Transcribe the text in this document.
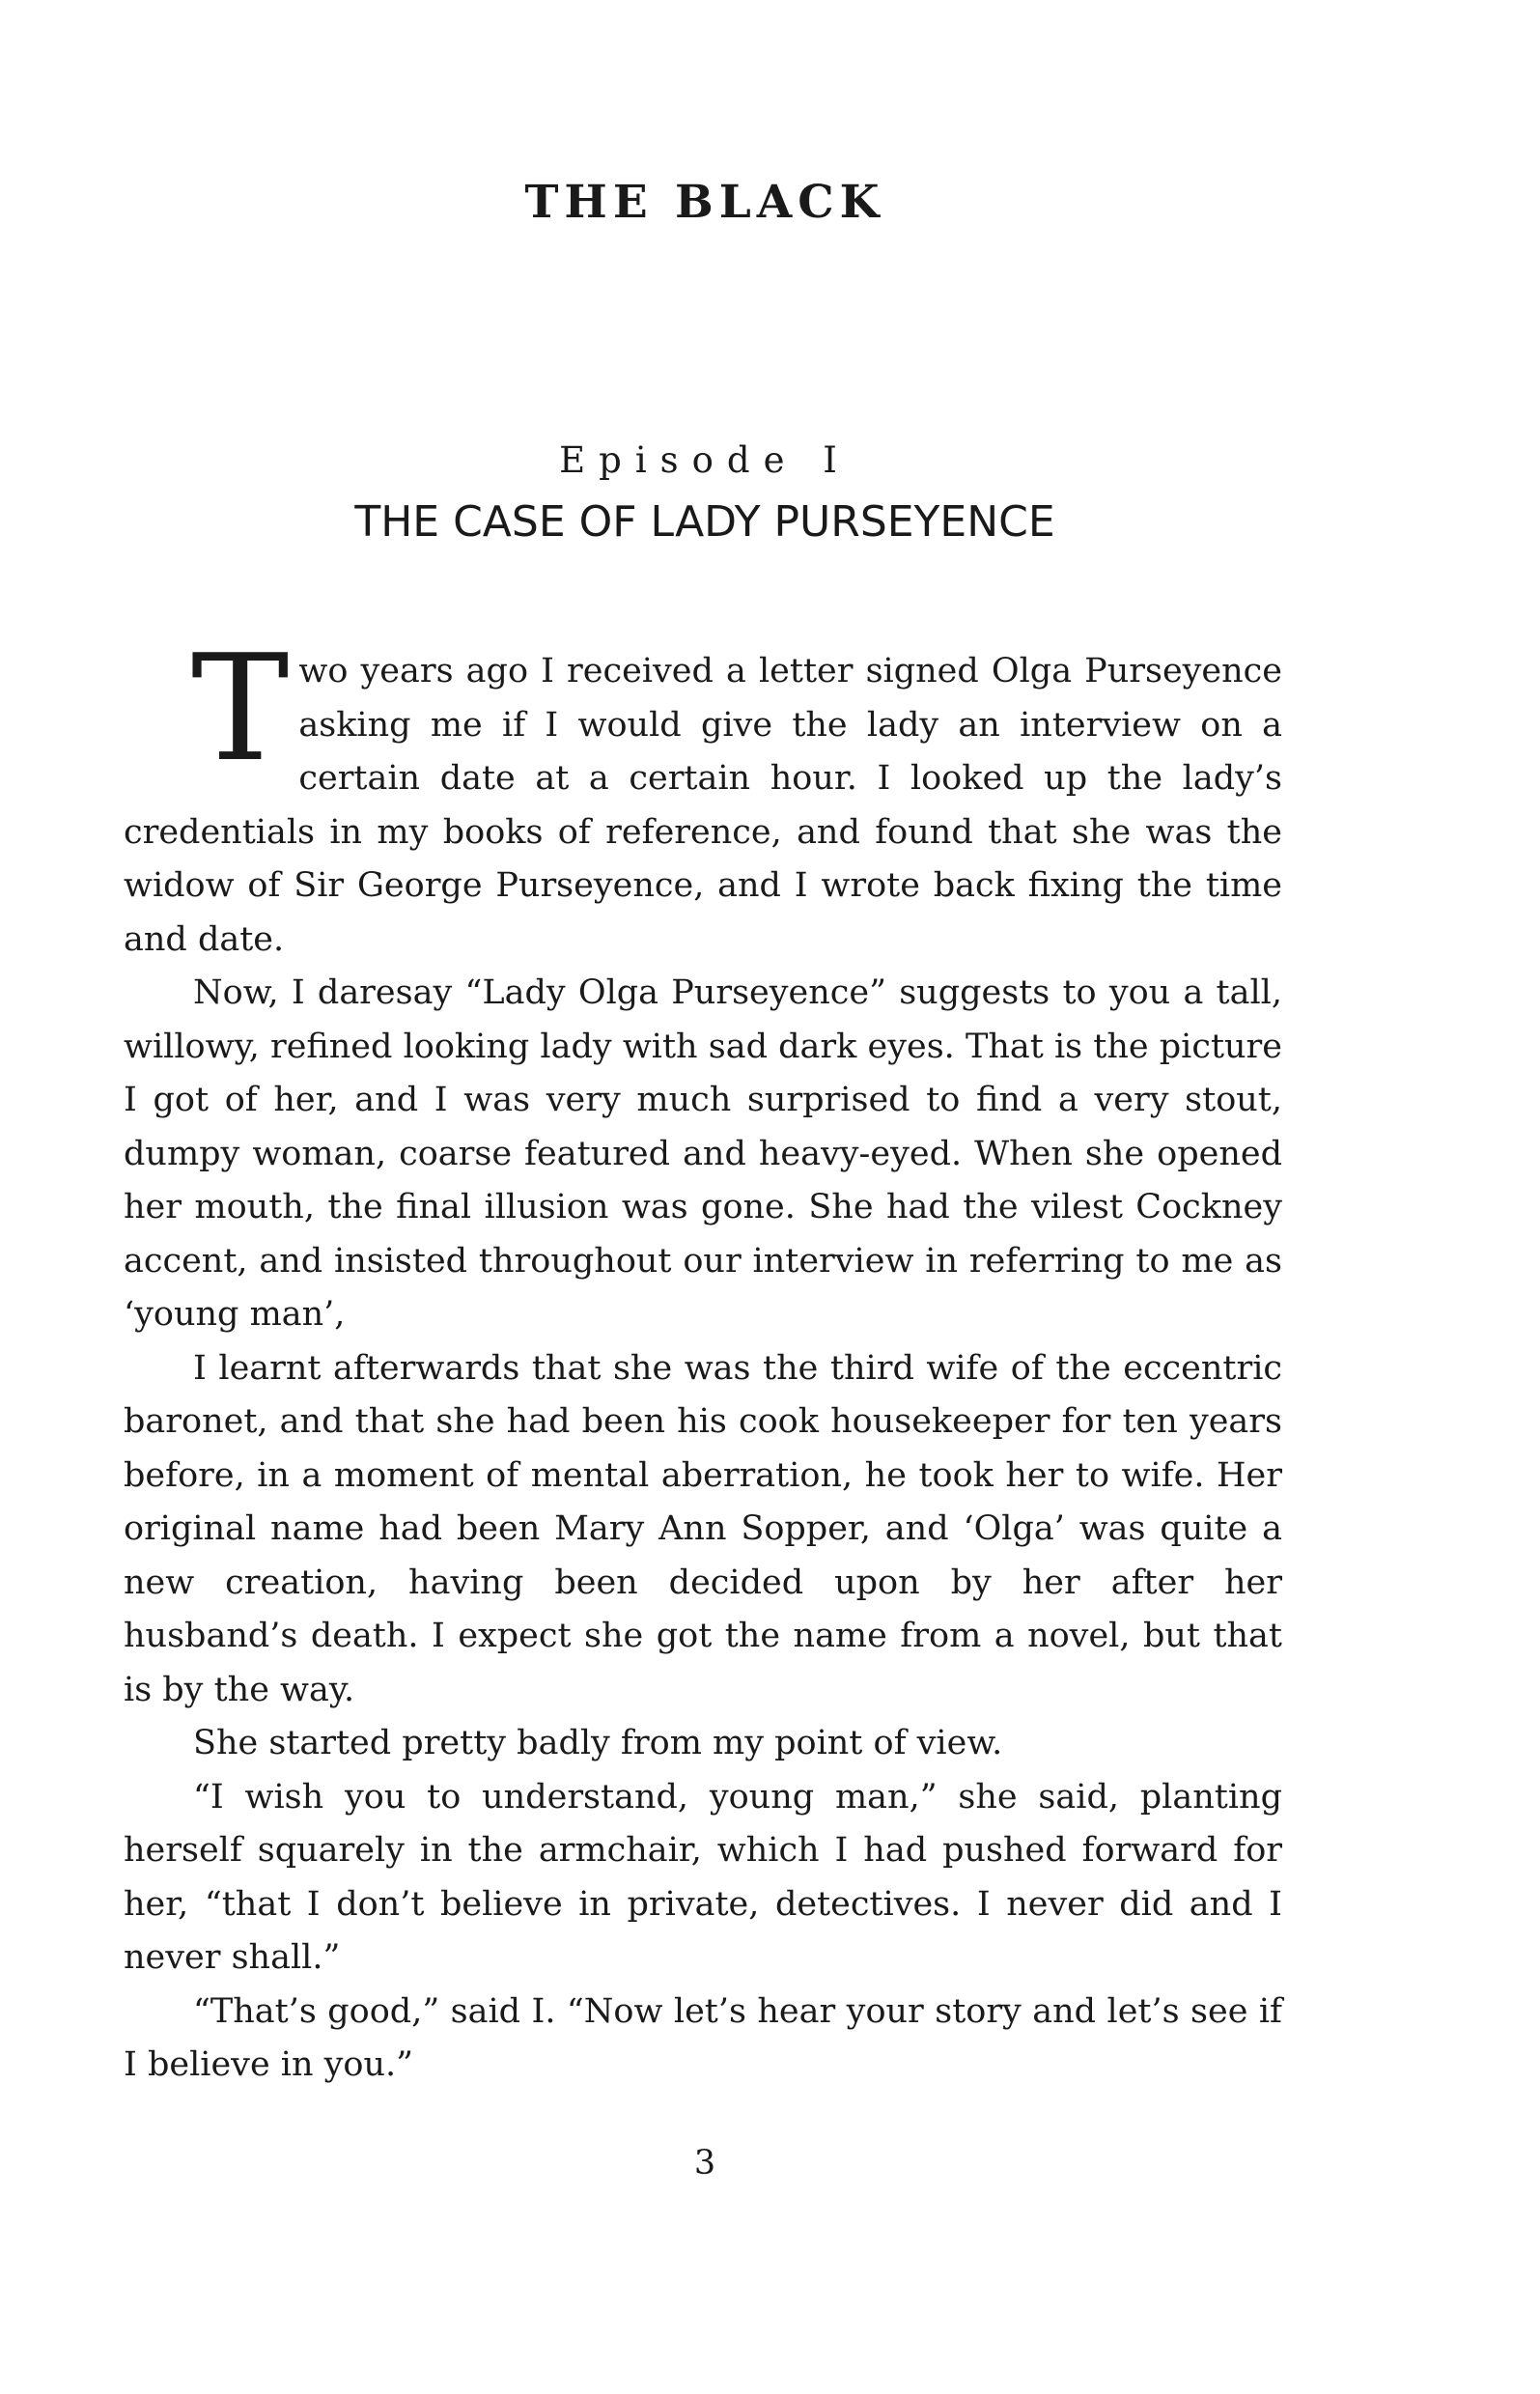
THE BLACK
Episode I
THE CASE OF LADY PURSEYENCE

Two years ago I received a letter signed Olga Purseyence asking me if I would give the lady an interview on a certain date at a certain hour. I looked up the lady’s credentials in my books of reference, and found that she was the widow of Sir George Purseyence, and I wrote back fixing the time and date.

Now, I daresay “Lady Olga Purseyence” suggests to you a tall, willowy, refined looking lady with sad dark eyes. That is the picture I got of her, and I was very much surprised to find a very stout, dumpy woman, coarse featured and heavy-eyed. When she opened her mouth, the final illusion was gone. She had the vilest Cockney accent, and insisted throughout our interview in referring to me as ‘young man’,

I learnt afterwards that she was the third wife of the eccentric baronet, and that she had been his cook housekeeper for ten years before, in a moment of mental aberration, he took her to wife. Her original name had been Mary Ann Sopper, and ‘Olga’ was quite a new creation, having been decided upon by her after her husband’s death. I expect she got the name from a novel, but that is by the way.

She started pretty badly from my point of view.

“I wish you to understand, young man,” she said, planting herself squarely in the armchair, which I had pushed forward for her, “that I don’t believe in private, detectives. I never did and I never shall.”

“That’s good,” said I. “Now let’s hear your story and let’s see if I believe in you.”

3
